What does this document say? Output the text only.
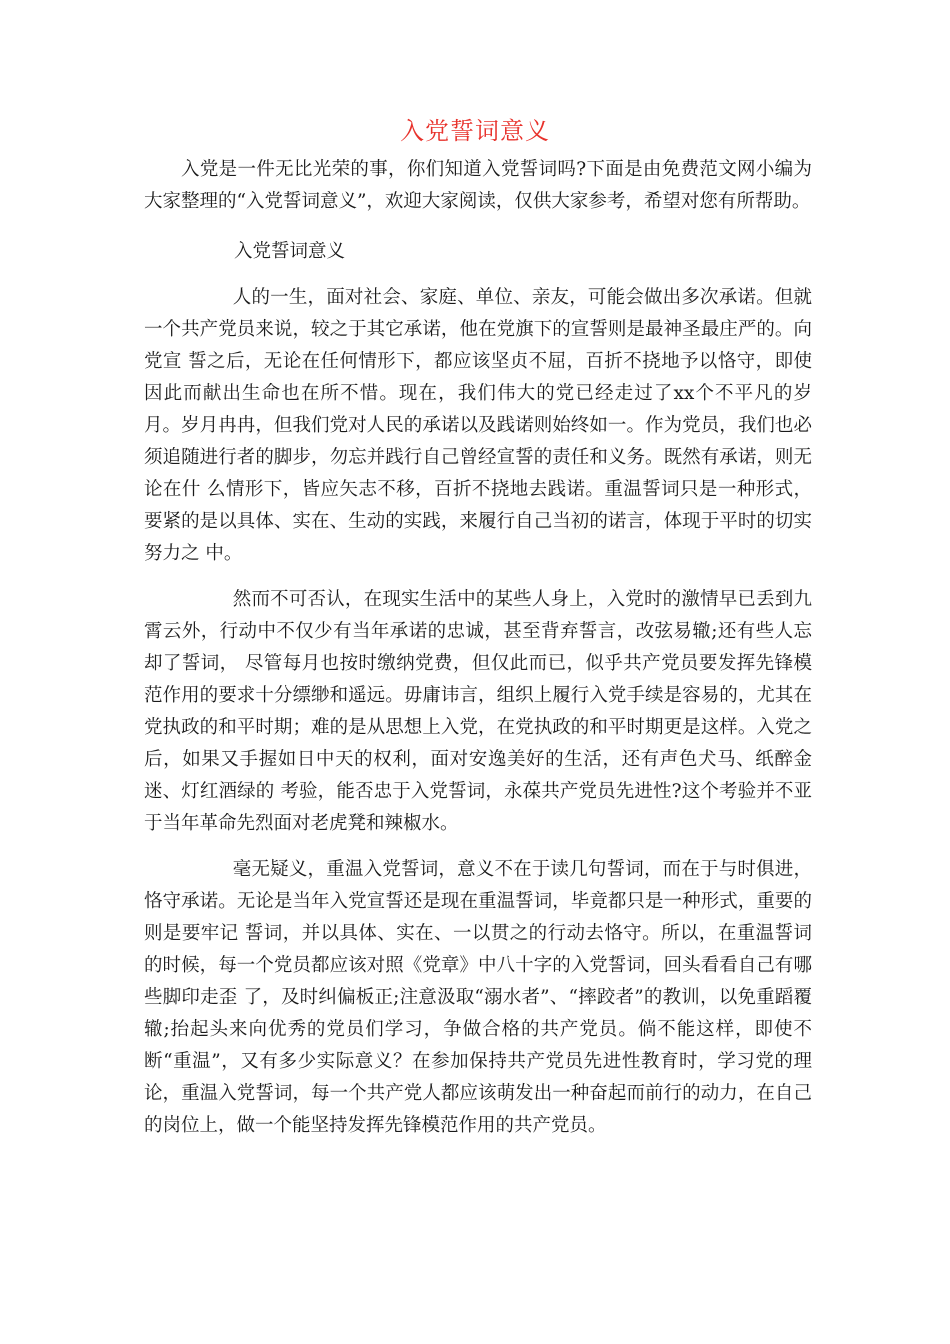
入党誓词意义

入党是一件无比光荣的事，你们知道入党誓词吗?下面是由免费范文网小编为大家整理的“入党誓词意义”，欢迎大家阅读，仅供大家参考，希望对您有所帮助。

入党誓词意义

人的一生，面对社会、家庭、单位、亲友，可能会做出多次承诺。但就一个共产党员来说，较之于其它承诺，他在党旗下的宣誓则是最神圣最庄严的。向党宣 誓之后，无论在任何情形下，都应该坚贞不屈，百折不挠地予以恪守，即使因此而献出生命也在所不惜。现在，我们伟大的党已经走过了xx个不平凡的岁月。岁月冉冉，但我们党对人民的承诺以及践诺则始终如一。作为党员，我们也必须追随进行者的脚步，勿忘并践行自己曾经宣誓的责任和义务。既然有承诺，则无论在什 么情形下，皆应矢志不移，百折不挠地去践诺。重温誓词只是一种形式，要紧的是以具体、实在、生动的实践，来履行自己当初的诺言，体现于平时的切实努力之 中。

然而不可否认，在现实生活中的某些人身上，入党时的激情早已丢到九霄云外，行动中不仅少有当年承诺的忠诚，甚至背弃誓言，改弦易辙;还有些人忘却了誓词， 尽管每月也按时缴纳党费，但仅此而已，似乎共产党员要发挥先锋模范作用的要求十分缥缈和遥远。毋庸讳言，组织上履行入党手续是容易的，尤其在党执政的和平时期；难的是从思想上入党，在党执政的和平时期更是这样。入党之后，如果又手握如日中天的权利，面对安逸美好的生活，还有声色犬马、纸醉金迷、灯红酒绿的 考验，能否忠于入党誓词，永葆共产党员先进性?这个考验并不亚于当年革命先烈面对老虎凳和辣椒水。

毫无疑义，重温入党誓词，意义不在于读几句誓词，而在于与时俱进，恪守承诺。无论是当年入党宣誓还是现在重温誓词，毕竟都只是一种形式，重要的则是要牢记 誓词，并以具体、实在、一以贯之的行动去恪守。所以，在重温誓词的时候，每一个党员都应该对照《党章》中八十字的入党誓词，回头看看自己有哪些脚印走歪 了，及时纠偏板正;注意汲取“溺水者”、“摔跤者”的教训，以免重蹈覆辙;抬起头来向优秀的党员们学习，争做合格的共产党员。倘不能这样，即使不断“重温”，又有多少实际意义？在参加保持共产党员先进性教育时，学习党的理论，重温入党誓词，每一个共产党人都应该萌发出一种奋起而前行的动力，在自己的岗位上，做一个能坚持发挥先锋模范作用的共产党员。
